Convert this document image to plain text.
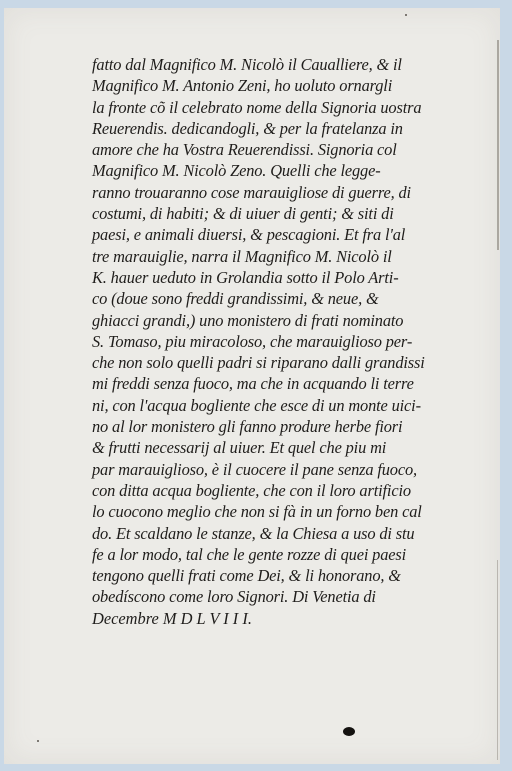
fatto dal Magnifico M. Nicolò il Caualliere, & il
Magnifico M. Antonio Zeni, ho uoluto ornargli
la fronte cõ il celebrato nome della Signoria uostra
Reuerendis. dedicandogli, & per la fratelanza in
amore che ha Vostra Reuerendissi. Signoria col
Magnifico M. Nicolò Zeno. Quelli che legge-
ranno trouaranno cose marauigliose di guerre, di
costumi, di habiti; & di uiuer di genti; & siti di
paesi, e animali diuersi, & pescagioni. Et fra l'al
tre marauiglie, narra il Magnifico M. Nicolò il
K. hauer ueduto in Grolandia sotto il Polo Arti-
co (doue sono freddi grandissimi, & neue, &
ghiacci grandi,) uno monistero di frati nominato
S. Tomaso, piu miracoloso, che marauiglioso per-
che non solo quelli padri si riparano dalli grandissi
mi freddi senza fuoco, ma che in acquando li terre
ni, con l'acqua bogliente che esce di un monte uici-
no al lor monistero gli fanno produre herbe fiori
& frutti necessarij al uiuer. Et quel che piu mi
par marauiglioso, è il cuocere il pane senza fuoco,
con ditta acqua bogliente, che con il loro artificio
lo cuocono meglio che non si fà in un forno ben cal
do. Et scaldano le stanze, & la Chiesa a uso di stu
fe a lor modo, tal che le gente rozze di quei paesi
tengono quelli frati come Dei, & li honorano, &
obedíscono come loro Signori. Di Venetia di
Decembre M D L V I I I.
